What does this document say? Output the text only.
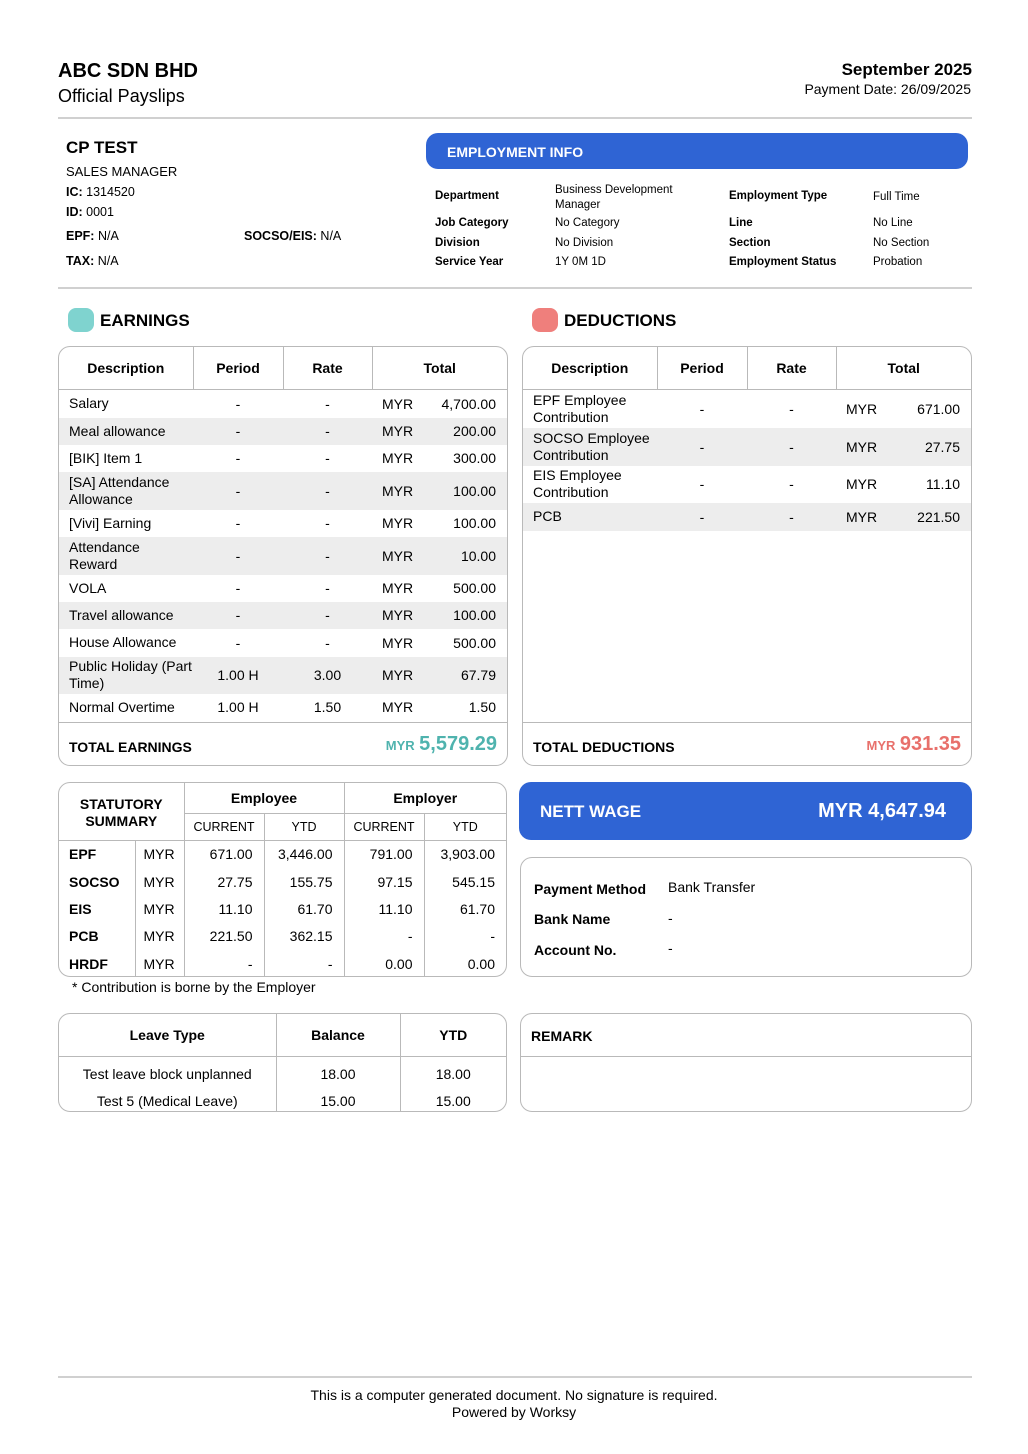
ABC SDN BHD
Official Payslips
September 2025
Payment Date: 26/09/2025
CP TEST
SALES MANAGER
IC: 1314520
ID: 0001
EPF: N/A	SOCSO/EIS: N/A
TAX: N/A
EMPLOYMENT INFO
Department	Business Development Manager
Employment Type	Full Time
Job Category	No Category	Line	No Line
Division	No Division	Section	No Section
Service Year	1Y 0M 1D	Employment Status	Probation
EARNINGS	DEDUCTIONS
Description	Period	Rate	Total	
Salary	-	-	MYR	4,700.00
Meal allowance	-	-	MYR	200.00
[BIK] Item 1	-	-	MYR	300.00
[SA] Attendance Allowance	-	-	MYR	100.00
[Vivi] Earning	-	-	MYR	100.00
Attendance Reward	-	-	MYR	10.00
VOLA	-	-	MYR	500.00
Travel allowance	-	-	MYR	100.00
House Allowance	-	-	MYR	500.00
Public Holiday (Part Time)	1.00 H	3.00	MYR	67.79
Normal Overtime	1.00 H	1.50	MYR	1.50
TOTAL EARNINGS	MYR 5,579.29
Description	Period	Rate	Total	
EPF Employee Contribution	-	-	MYR	671.00
SOCSO Employee Contribution	-	-	MYR	27.75
EIS Employee Contribution	-	-	MYR	11.10
PCB	-	-	MYR	221.50
TOTAL DEDUCTIONS	MYR 931.35
STATUTORY SUMMARY		Employee		Employer	
		CURRENT	YTD	CURRENT	YTD
EPF	MYR	671.00	3,446.00	791.00	3,903.00
SOCSO	MYR	27.75	155.75	97.15	545.15
EIS	MYR	11.10	61.70	11.10	61.70
PCB	MYR	221.50	362.15	-	-
HRDF	MYR	-	-	0.00	0.00
* Contribution is borne by the Employer
NETT WAGE	MYR 4,647.94
Payment Method Bank Transfer
Bank Name	-
Account No.	-
Leave Type	Balance	YTD
Test leave block unplanned	18.00	18.00
Test 5 (Medical Leave)	15.00	15.00
REMARK
This is a computer generated document. No signature is required.
Powered by Worksy
